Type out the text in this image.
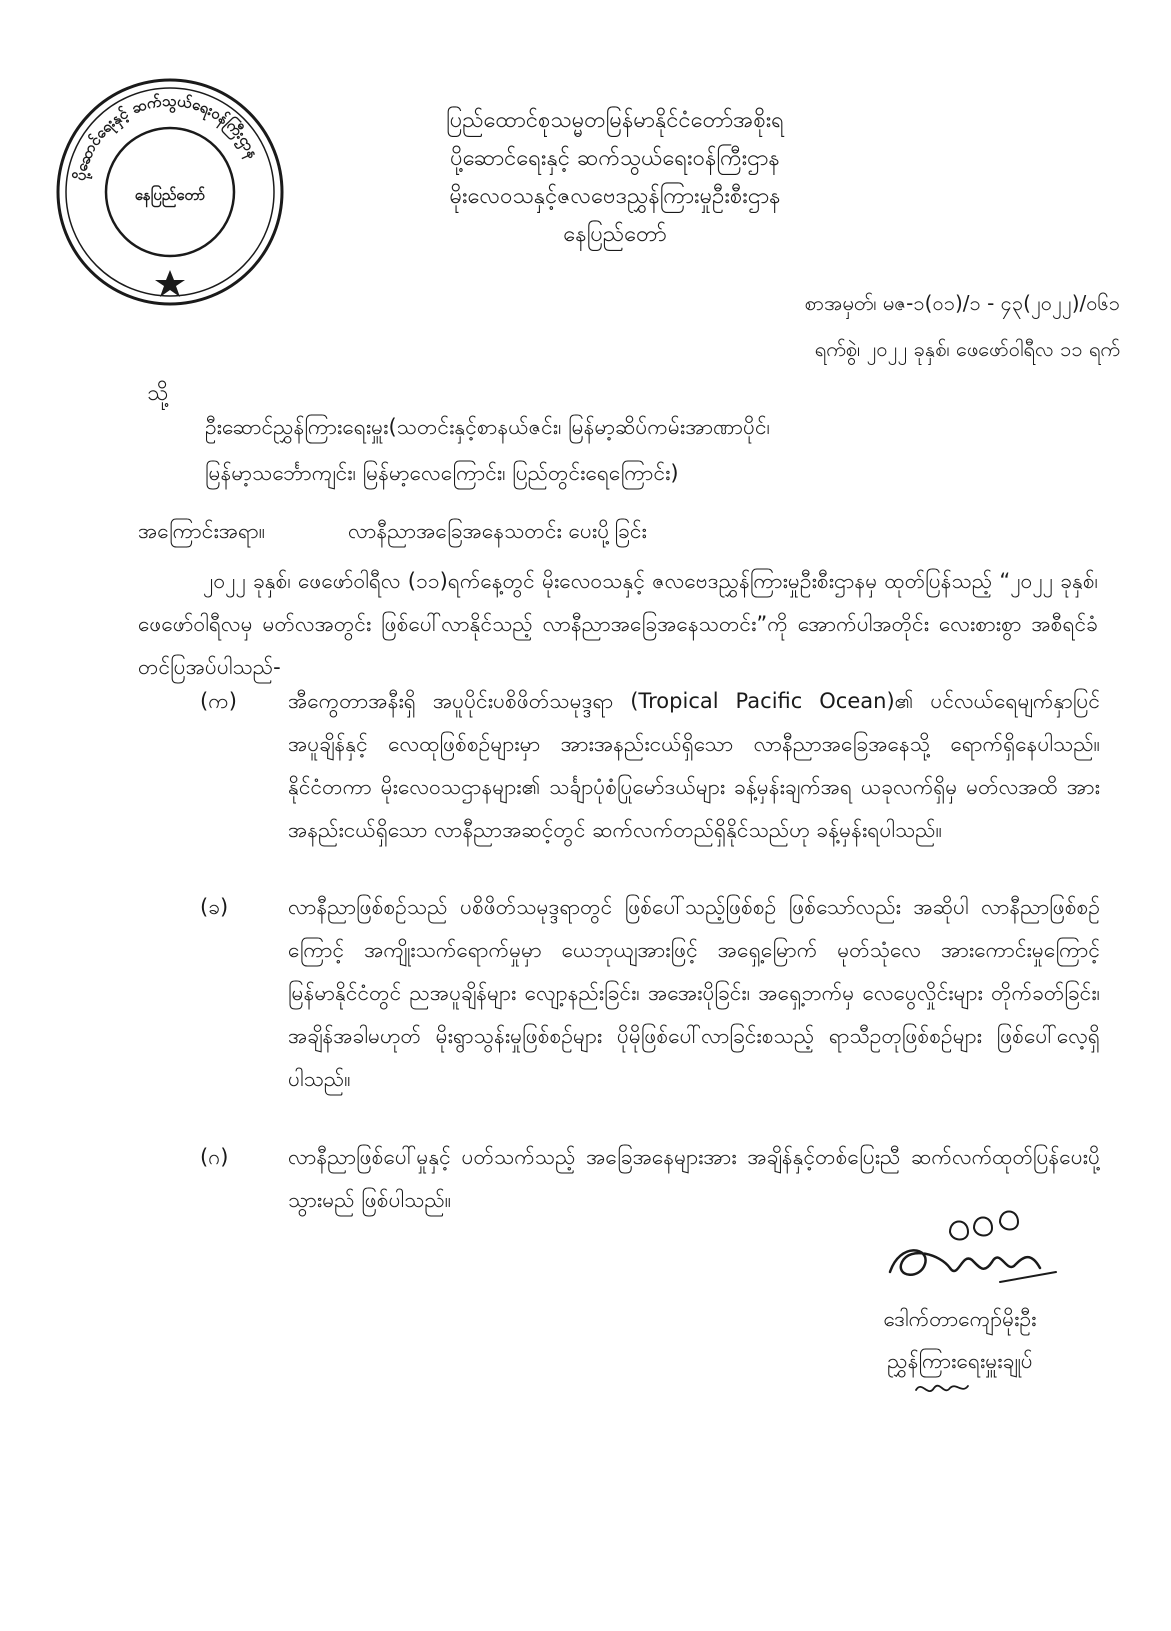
ပို့ဆောင်ရေးနှင့် ဆက်သွယ်ရေးဝန်ကြီးဌာန
နေပြည်တော်
ပြည်ထောင်စုသမ္မတမြန်မာနိုင်ငံတော်အစိုးရ
ပို့ဆောင်ရေးနှင့် ဆက်သွယ်ရေးဝန်ကြီးဌာန
မိုးလေဝသနှင့်ဇလဗေဒညွှန်ကြားမှုဦးစီးဌာန
နေပြည်တော်
စာအမှတ်၊ မဇ-၁(၀၁)/၁ - ၄၃(၂၀၂၂)/၀၆၁
ရက်စွဲ၊ ၂၀၂၂ ခုနှစ်၊ ဖေဖော်ဝါရီလ ၁၁ ရက်
သို့
ဦးဆောင်ညွှန်ကြားရေးမှူး(သတင်းနှင့်စာနယ်ဇင်း၊ မြန်မာ့ဆိပ်ကမ်းအာဏာပိုင်၊
မြန်မာ့သင်္ဘောကျင်း၊ မြန်မာ့လေကြောင်း၊ ပြည်တွင်းရေကြောင်း)
အကြောင်းအရာ။	လာနီညာအခြေအနေသတင်း ပေးပို့ခြင်း
၂၀၂၂ ခုနှစ်၊ ဖေဖော်ဝါရီလ (၁၁)ရက်နေ့တွင် မိုးလေဝသနှင့် ဇလဗေဒညွှန်ကြားမှုဦးစီးဌာနမှ ထုတ်ပြန်သည့် “၂၀၂၂ ခုနှစ်၊ ဖေဖော်ဝါရီလမှ မတ်လအတွင်း ဖြစ်ပေါ်လာနိုင်သည့် လာနီညာအခြေအနေသတင်း”ကို အောက်ပါအတိုင်း လေးစားစွာ အစီရင်ခံတင်ပြအပ်ပါသည်-
(က)	အီကွေတာအနီးရှိ အပူပိုင်းပစိဖိတ်သမုဒ္ဒရာ (Tropical Pacific Ocean)၏ ပင်လယ်ရေမျက်နှာပြင်အပူချိန်နှင့် လေထုဖြစ်စဉ်များမှာ အားအနည်းငယ်ရှိသော လာနီညာအခြေအနေသို့ ရောက်ရှိနေပါသည်။ နိုင်ငံတကာ မိုးလေဝသဌာနများ၏ သင်္ချာပုံစံပြုမော်ဒယ်များ ခန့်မှန်းချက်အရ ယခုလက်ရှိမှ မတ်လအထိ အားအနည်းငယ်ရှိသော လာနီညာအဆင့်တွင် ဆက်လက်တည်ရှိနိုင်သည်ဟု ခန့်မှန်းရပါသည်။
(ခ)	လာနီညာဖြစ်စဉ်သည် ပစိဖိတ်သမုဒ္ဒရာတွင် ဖြစ်ပေါ်သည့်ဖြစ်စဉ် ဖြစ်သော်လည်း အဆိုပါ လာနီညာဖြစ်စဉ်ကြောင့် အကျိုးသက်ရောက်မှုမှာ ယေဘုယျအားဖြင့် အရှေ့မြောက် မုတ်သုံလေ အားကောင်းမှုကြောင့် မြန်မာနိုင်ငံတွင် ညအပူချိန်များ လျော့နည်းခြင်း၊ အအေးပိုခြင်း၊ အရှေ့ဘက်မှ လေပွေလှိုင်းများ တိုက်ခတ်ခြင်း၊ အချိန်အခါမဟုတ် မိုးရွာသွန်းမှုဖြစ်စဉ်များ ပိုမိုဖြစ်ပေါ်လာခြင်းစသည့် ရာသီဥတုဖြစ်စဉ်များ ဖြစ်ပေါ်လေ့ရှိပါသည်။
(ဂ)	လာနီညာဖြစ်ပေါ်မှုနှင့် ပတ်သက်သည့် အခြေအနေများအား အချိန်နှင့်တစ်ပြေးညီ ဆက်လက်ထုတ်ပြန်ပေးပို့သွားမည် ဖြစ်ပါသည်။
ဒေါက်တာကျော်မိုးဦး
ညွှန်ကြားရေးမှူးချုပ်
